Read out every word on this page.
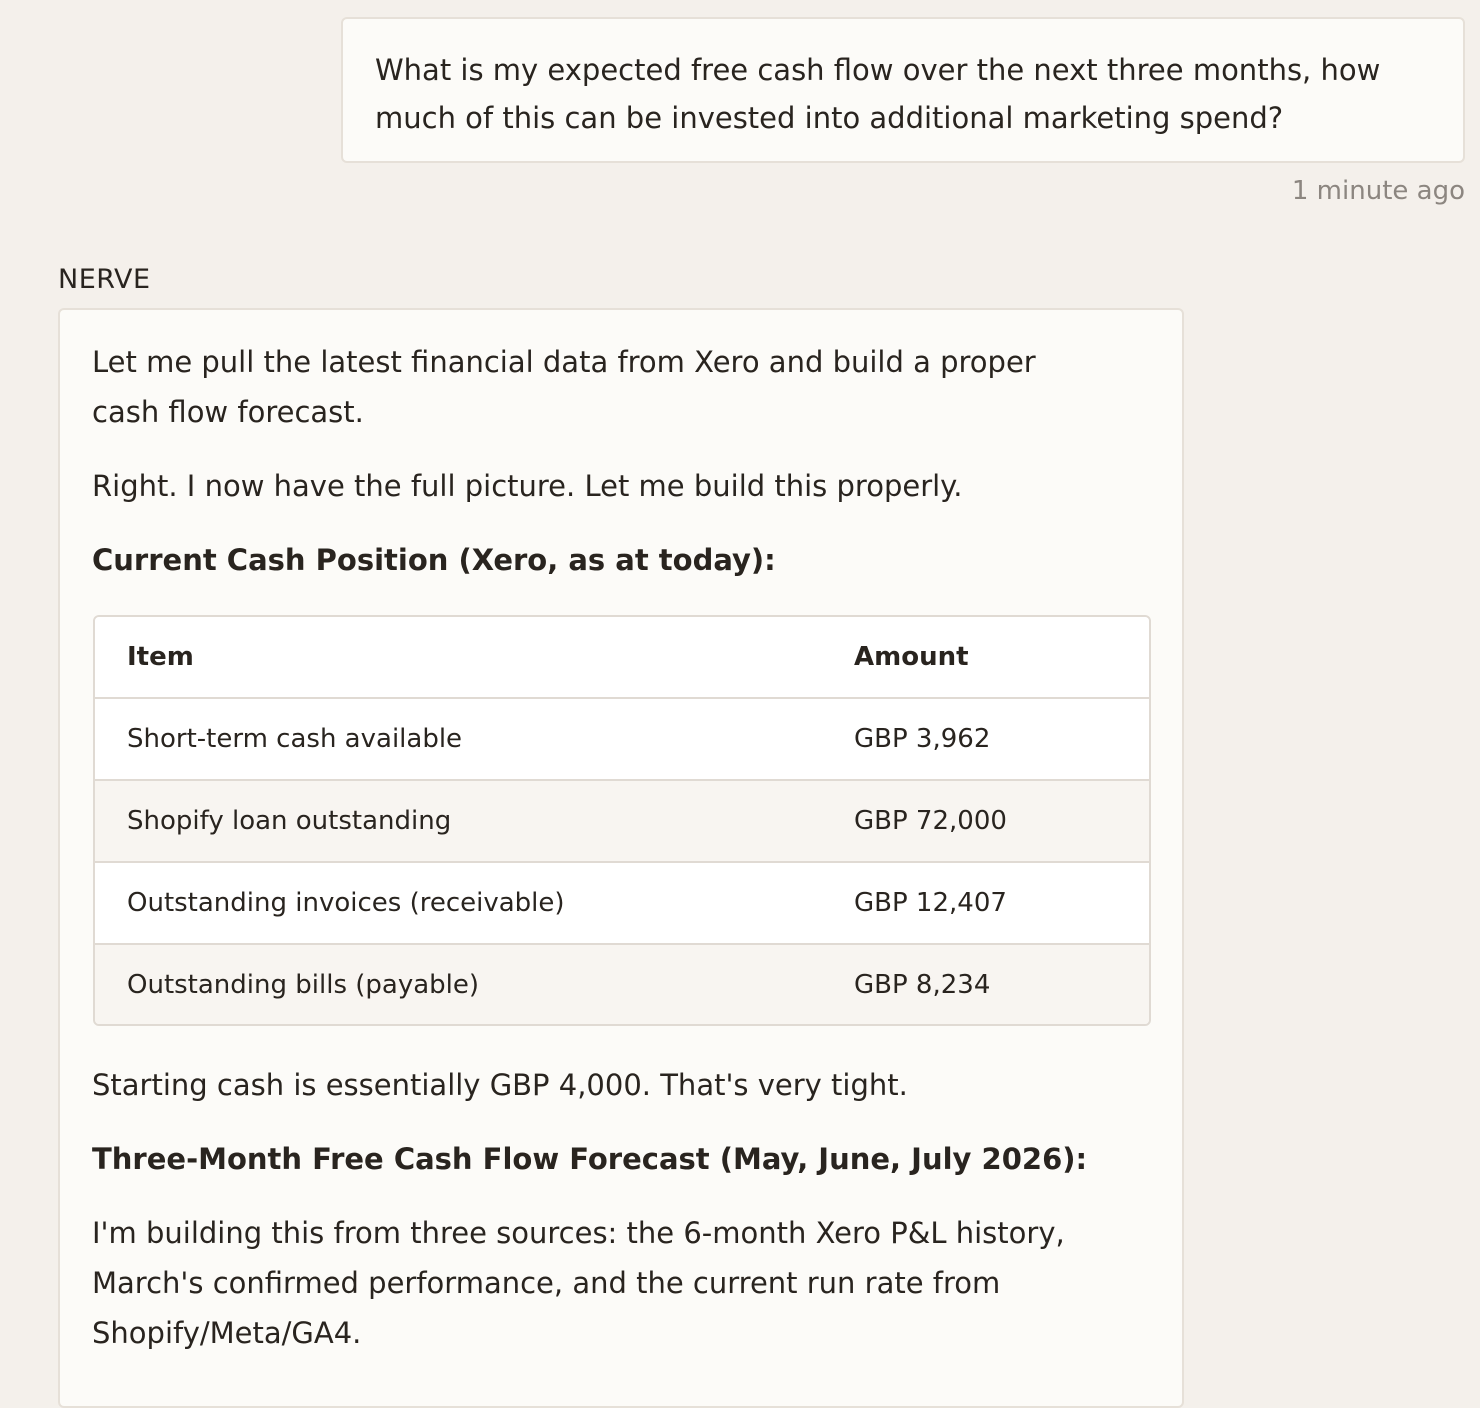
What is my expected free cash flow over the next three months, how much of this can be invested into additional marketing spend?
1 minute ago
NERVE

Let me pull the latest financial data from Xero and build a proper cash flow forecast.

Right. I now have the full picture. Let me build this properly.

Current Cash Position (Xero, as at today):

Item	Amount
Short-term cash available	GBP 3,962
Shopify loan outstanding	GBP 72,000
Outstanding invoices (receivable)	GBP 12,407
Outstanding bills (payable)	GBP 8,234

Starting cash is essentially GBP 4,000. That's very tight.

Three-Month Free Cash Flow Forecast (May, June, July 2026):

I'm building this from three sources: the 6-month Xero P&L history, March's confirmed performance, and the current run rate from Shopify/Meta/GA4.
